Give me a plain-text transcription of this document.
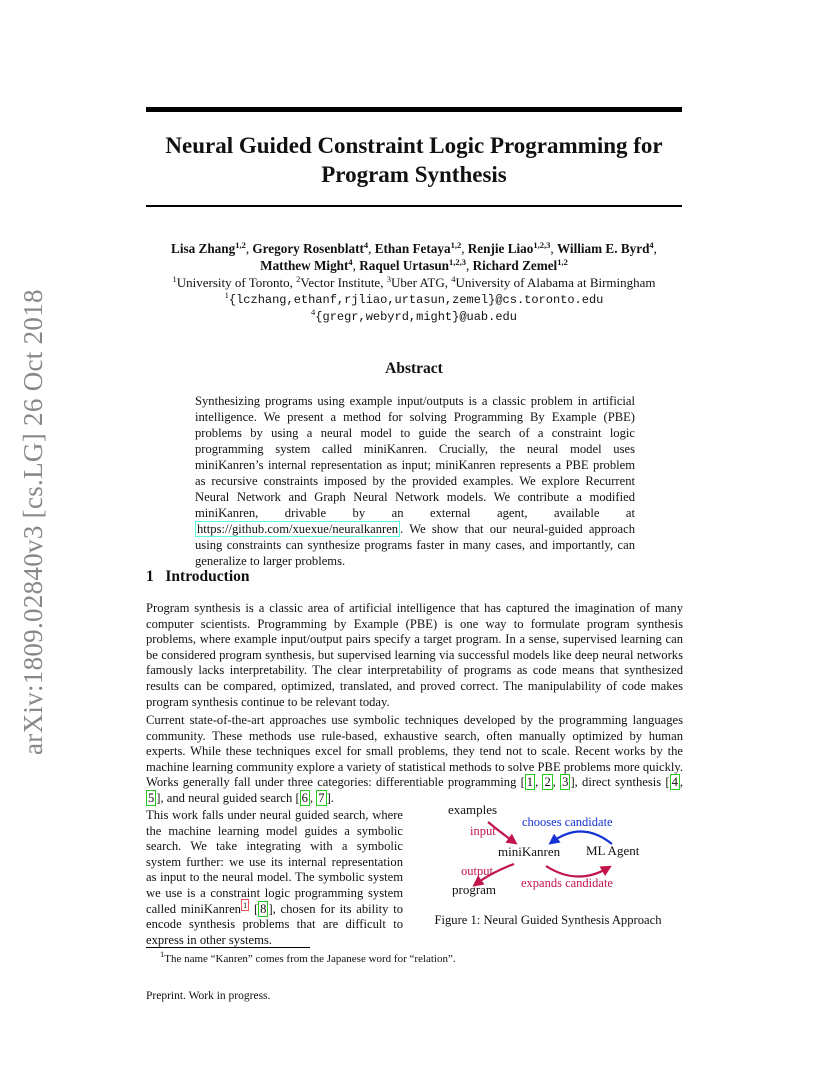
arXiv:1809.02840v3 [cs.LG] 26 Oct 2018
Neural Guided Constraint Logic Programming for Program Synthesis
Lisa Zhang$^{1,2}$, Gregory Rosenblatt$^4$, Ethan Fetaya$^{1,2}$, Renjie Liao$^{1,2,3}$, William E. Byrd$^4$,
Matthew Might$^4$, Raquel Urtasun$^{1,2,3}$, Richard Zemel$^{1,2}$
$^1$University of Toronto, $^2$Vector Institute, $^3$Uber ATG, $^4$University of Alabama at Birmingham
$^1${lczhang,ethanf,rjliao,urtasun,zemel}@cs.toronto.edu
$^4${gregr,webyrd,might}@uab.edu
Abstract
Synthesizing programs using example input/outputs is a classic problem in artificial intelligence. We present a method for solving Programming By Example (PBE) problems by using a neural model to guide the search of a constraint logic programming system called miniKanren. Crucially, the neural model uses miniKanren’s internal representation as input; miniKanren represents a PBE problem as recursive constraints imposed by the provided examples. We explore Recurrent Neural Network and Graph Neural Network models. We contribute a modified miniKanren, drivable by an external agent, available at https://github.com/xuexue/neuralkanren . We show that our neural-guided approach using constraints can synthesize programs faster in many cases, and importantly, can generalize to larger problems.
1 Introduction
Program synthesis is a classic area of artificial intelligence that has captured the imagination of many computer scientists. Programming by Example (PBE) is one way to formulate program synthesis problems, where example input/output pairs specify a target program. In a sense, supervised learning can be considered program synthesis, but supervised learning via successful models like deep neural networks famously lacks interpretability. The clear interpretability of programs as code means that synthesized results can be compared, optimized, translated, and proved correct. The manipulability of code makes program synthesis continue to be relevant today.
Current state-of-the-art approaches use symbolic techniques developed by the programming languages community. These methods use rule-based, exhaustive search, often manually optimized by human experts. While these techniques excel for small problems, they tend not to scale. Recent works by the machine learning community explore a variety of statistical methods to solve PBE problems more quickly. Works generally fall under three categories: differentiable programming [ 1 , 2 , 3 ], direct synthesis [ 4 , 5 ], and neural guided search [ 6 , 7 ].
This work falls under neural guided search, where the machine learning model guides a symbolic search. We take integrating with a symbolic system further: we use its internal representation as input to the neural model. The symbolic system we use is a constraint logic programming system called miniKanren $^1$ [ 8 ], chosen for its ability to encode synthesis problems that are difficult to express in other systems.
examples
input
chooses candidate
miniKanren ML Agent
output
program expands candidate
Figure 1: Neural Guided Synthesis Approach
$^1$The name “Kanren” comes from the Japanese word for “relation”.
Preprint. Work in progress.
